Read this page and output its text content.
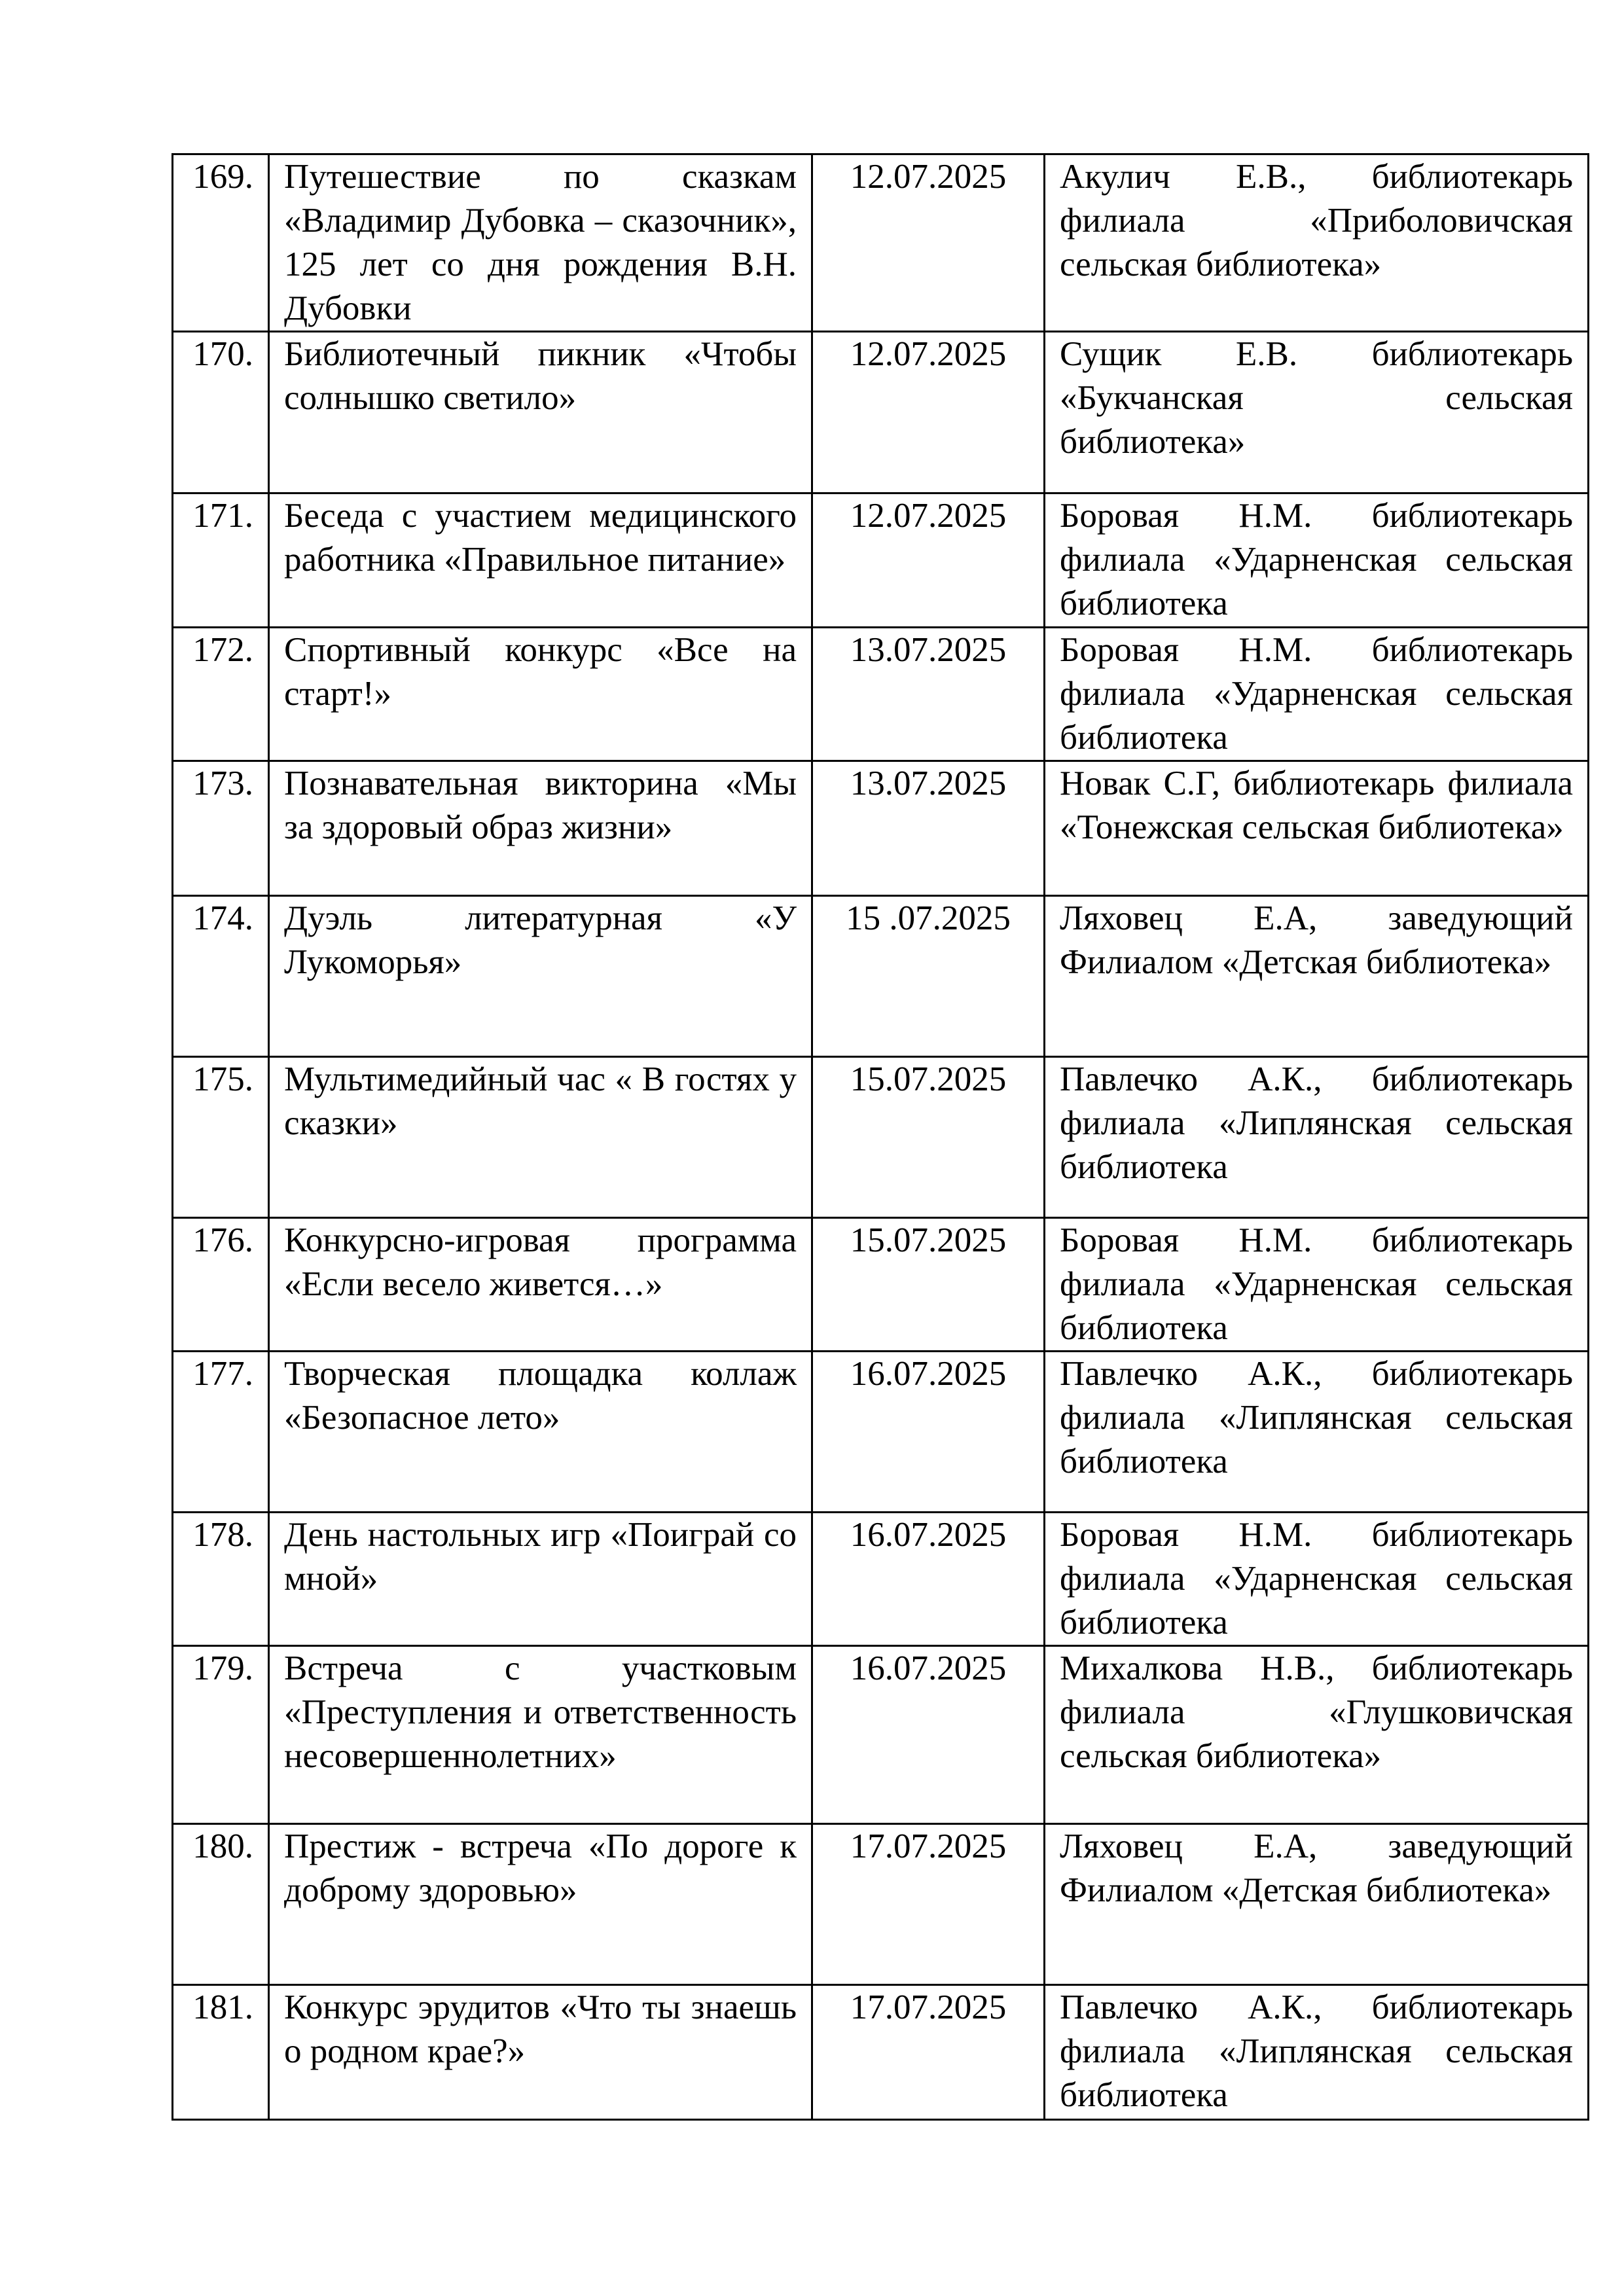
169.	Путешествие по сказкам «Владимир Дубовка – сказочник», 125 лет со дня рождения В.Н. Дубовки	12.07.2025	Акулич Е.В., библиотекарь филиала «Приболовичская сельская библиотека»
170.	Библиотечный пикник «Чтобы солнышко светило»	12.07.2025	Сущик Е.В. библиотекарь «Букчанская сельская библиотека»
171.	Беседа с участием медицинского работника «Правильное питание»	12.07.2025	Боровая Н.М. библиотекарь филиала «Ударненская сельская библиотека
172.	Спортивный конкурс «Все на старт!»	13.07.2025	Боровая Н.М. библиотекарь филиала «Ударненская сельская библиотека
173.	Познавательная викторина «Мы за здоровый образ жизни»	13.07.2025	Новак С.Г, библиотекарь филиала «Тонежская сельская библиотека»
174.	Дуэль литературная «У Лукоморья»	15 .07.2025	Ляховец Е.А, заведующий Филиалом «Детская библиотека»
175.	Мультимедийный час « В гостях у сказки»	15.07.2025	Павлечко А.К., библиотекарь филиала «Липлянская сельская библиотека
176.	Конкурсно-игровая программа «Если весело живется…»	15.07.2025	Боровая Н.М. библиотекарь филиала «Ударненская сельская библиотека
177.	Творческая площадка коллаж «Безопасное лето»	16.07.2025	Павлечко А.К., библиотекарь филиала «Липлянская сельская библиотека
178.	День настольных игр «Поиграй со мной»	16.07.2025	Боровая Н.М. библиотекарь филиала «Ударненская сельская библиотека
179.	Встреча с участковым «Преступления и ответственность несовершеннолетних»	16.07.2025	Михалкова Н.В., библиотекарь филиала «Глушковичская сельская библиотека»
180.	Престиж - встреча «По дороге к доброму здоровью»	17.07.2025	Ляховец Е.А, заведующий Филиалом «Детская библиотека»
181.	Конкурс эрудитов «Что ты знаешь о родном крае?»	17.07.2025	Павлечко А.К., библиотекарь филиала «Липлянская сельская библиотека
